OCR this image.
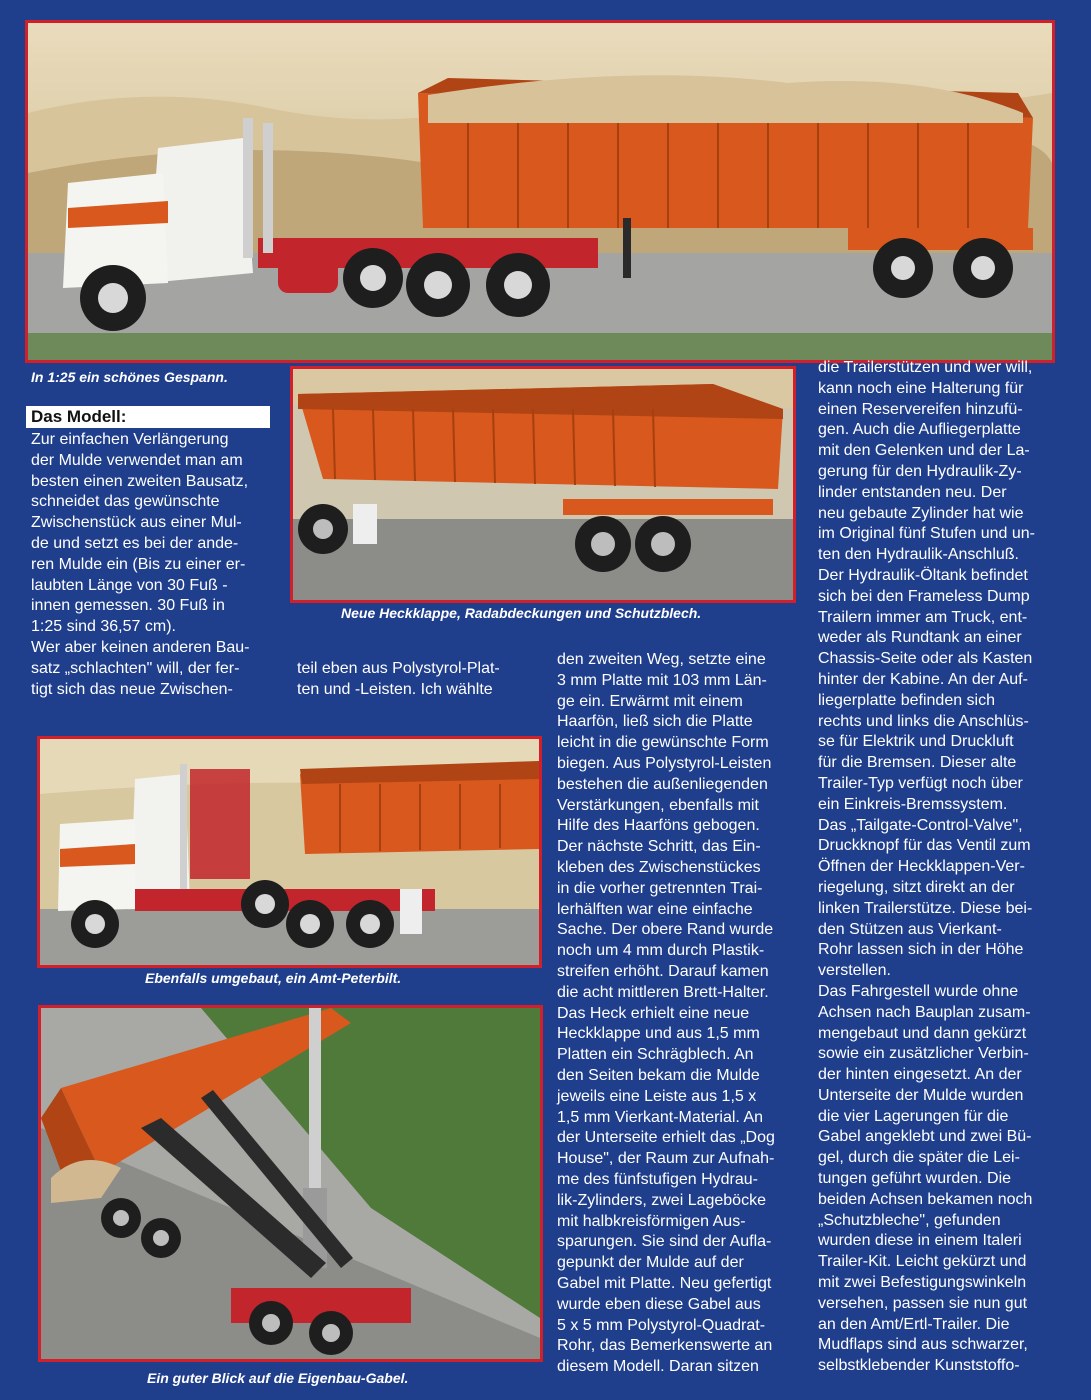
In 1:25 ein schönes Gespann.
Neue Heckklappe, Radabdeckungen und Schutzblech.
Das Modell:

Zur einfachen Verlängerung

der Mulde verwendet man am

besten einen zweiten Bausatz,

schneidet das gewünschte

Zwischenstück aus einer Mul-

de und setzt es bei der ande-

ren Mulde ein (Bis zu einer er-

laubten Länge von 30 Fuß -

innen gemessen. 30 Fuß in

1:25 sind 36,57 cm).

Wer aber keinen anderen Bau-

satz „schlachten" will, der fer-

tigt sich das neue Zwischen-

teil eben aus Polystyrol-Plat-

ten und -Leisten. Ich wählte

Ebenfalls umgebaut, ein Amt-Peterbilt.
Ein guter Blick auf die Eigenbau-Gabel.

den zweiten Weg, setzte eine

3 mm Platte mit 103 mm Län-

ge ein. Erwärmt mit einem

Haarfön, ließ sich die Platte

leicht in die gewünschte Form

biegen. Aus Polystyrol-Leisten

bestehen die außenliegenden

Verstärkungen, ebenfalls mit

Hilfe des Haarföns gebogen.

Der nächste Schritt, das Ein-

kleben des Zwischenstückes

in die vorher getrennten Trai-

lerhälften war eine einfache

Sache. Der obere Rand wurde

noch um 4 mm durch Plastik-

streifen erhöht. Darauf kamen

die acht mittleren Brett-Halter.

Das Heck erhielt eine neue

Heckklappe und aus 1,5 mm

Platten ein Schrägblech. An

den Seiten bekam die Mulde

jeweils eine Leiste aus 1,5 x

1,5 mm Vierkant-Material. An

der Unterseite erhielt das „Dog

House", der Raum zur Aufnah-

me des fünfstufigen Hydrau-

lik-Zylinders, zwei Lageböcke

mit halbkreisförmigen Aus-

sparungen. Sie sind der Aufla-

gepunkt der Mulde auf der

Gabel mit Platte. Neu gefertigt

wurde eben diese Gabel aus

5 x 5 mm Polystyrol-Quadrat-

Rohr, das Bemerkenswerte an

diesem Modell. Daran sitzen

die Trailerstützen und wer will,

kann noch eine Halterung für

einen Reservereifen hinzufü-

gen. Auch die Aufliegerplatte

mit den Gelenken und der La-

gerung für den Hydraulik-Zy-

linder entstanden neu. Der

neu gebaute Zylinder hat wie

im Original fünf Stufen und un-

ten den Hydraulik-Anschluß.

Der Hydraulik-Öltank befindet

sich bei den Frameless Dump

Trailern immer am Truck, ent-

weder als Rundtank an einer

Chassis-Seite oder als Kasten

hinter der Kabine. An der Auf-

liegerplatte befinden sich

rechts und links die Anschlüs-

se für Elektrik und Druckluft

für die Bremsen. Dieser alte

Trailer-Typ verfügt noch über

ein Einkreis-Bremssystem.

Das „Tailgate-Control-Valve",

Druckknopf für das Ventil zum

Öffnen der Heckklappen-Ver-

riegelung, sitzt direkt an der

linken Trailerstütze. Diese bei-

den Stützen aus Vierkant-

Rohr lassen sich in der Höhe

verstellen.

Das Fahrgestell wurde ohne

Achsen nach Bauplan zusam-

mengebaut und dann gekürzt

sowie ein zusätzlicher Verbin-

der hinten eingesetzt. An der

Unterseite der Mulde wurden

die vier Lagerungen für die

Gabel angeklebt und zwei Bü-

gel, durch die später die Lei-

tungen geführt wurden. Die

beiden Achsen bekamen noch

„Schutzbleche", gefunden

wurden diese in einem Italeri

Trailer-Kit. Leicht gekürzt und

mit zwei Befestigungswinkeln

versehen, passen sie nun gut

an den Amt/Ertl-Trailer. Die

Mudflaps sind aus schwarzer,

selbstklebender Kunststoffo-
